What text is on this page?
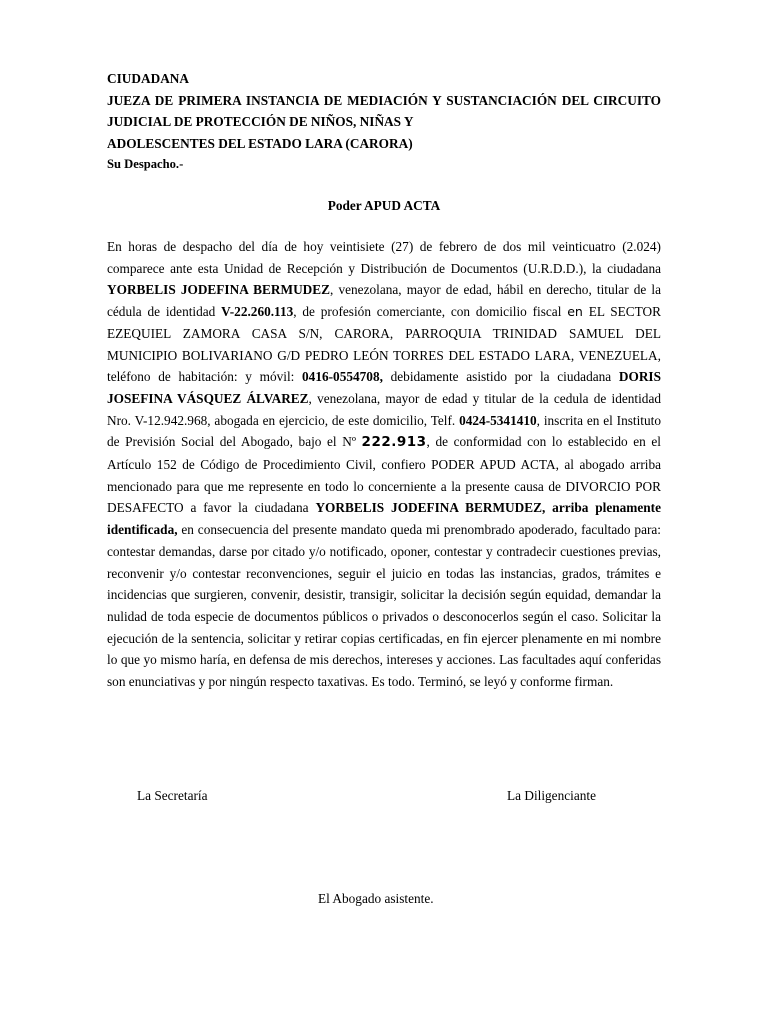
CIUDADANA

JUEZA DE PRIMERA INSTANCIA DE MEDIACIÓN Y SUSTANCIACIÓN DEL CIRCUITO JUDICIAL DE PROTECCIÓN DE NIÑOS, NIÑAS Y

ADOLESCENTES DEL ESTADO LARA (CARORA)

Su Despacho.-

Poder APUD ACTA

En horas de despacho del día de hoy veintisiete (27) de febrero de dos mil veinticuatro (2.024) comparece ante esta Unidad de Recepción y Distribución de Documentos (U.R.D.D.), la ciudadana YORBELIS JODEFINA BERMUDEZ, venezolana, mayor de edad, hábil en derecho, titular de la cédula de identidad V-22.260.113, de profesión comerciante, con domicilio fiscal en EL SECTOR EZEQUIEL ZAMORA CASA S/N, CARORA, PARROQUIA TRINIDAD SAMUEL DEL MUNICIPIO BOLIVARIANO G/D PEDRO LEÓN TORRES DEL ESTADO LARA, VENEZUELA, teléfono de habitación: y móvil: 0416-0554708, debidamente asistido por la ciudadana DORIS JOSEFINA VÁSQUEZ ÁLVAREZ, venezolana, mayor de edad y titular de la cedula de identidad Nro. V-12.942.968, abogada en ejercicio, de este domicilio, Telf. 0424-5341410, inscrita en el Instituto de Previsión Social del Abogado, bajo el Nº 222.913, de conformidad con lo establecido en el Artículo 152 de Código de Procedimiento Civil, confiero PODER APUD ACTA, al abogado arriba mencionado para que me represente en todo lo concerniente a la presente causa de DIVORCIO POR DESAFECTO a favor la ciudadana YORBELIS JODEFINA BERMUDEZ, arriba plenamente identificada, en consecuencia del presente mandato queda mi prenombrado apoderado, facultado para: contestar demandas, darse por citado y/o notificado, oponer, contestar y contradecir cuestiones previas, reconvenir y/o contestar reconvenciones, seguir el juicio en todas las instancias, grados, trámites e incidencias que surgieren, convenir, desistir, transigir, solicitar la decisión según equidad, demandar la nulidad de toda especie de documentos públicos o privados o desconocerlos según el caso. Solicitar la ejecución de la sentencia, solicitar y retirar copias certificadas, en fin ejercer plenamente en mi nombre lo que yo mismo haría, en defensa de mis derechos, intereses y acciones. Las facultades aquí conferidas son enunciativas y por ningún respecto taxativas. Es todo. Terminó, se leyó y conforme firman.

La Secretaría	La Diligenciante
El Abogado asistente.
